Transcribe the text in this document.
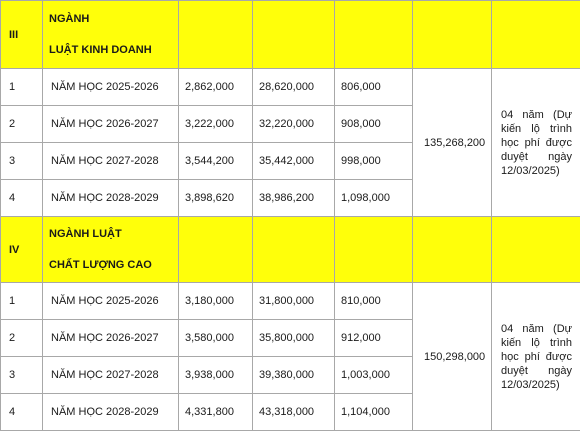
III	NGÀNH
LUẬT KINH DOANH					
1	NĂM HỌC 2025-2026	2,862,000	28,620,000	806,000	135,268,200	04 năm (Dự kiến lộ trình học phí được duyệt ngày 12/03/2025)
2	NĂM HỌC 2026-2027	3,222,000	32,220,000	908,000		
3	NĂM HỌC 2027-2028	3,544,200	35,442,000	998,000		
4	NĂM HỌC 2028-2029	3,898,620	38,986,200	1,098,000		
IV	NGÀNH LUẬT
CHẤT LƯỢNG CAO					
1	NĂM HỌC 2025-2026	3,180,000	31,800,000	810,000	150,298,000	04 năm (Dự kiến lộ trình học phí được duyệt ngày 12/03/2025)
2	NĂM HỌC 2026-2027	3,580,000	35,800,000	912,000		
3	NĂM HỌC 2027-2028	3,938,000	39,380,000	1,003,000		
4	NĂM HỌC 2028-2029	4,331,800	43,318,000	1,104,000		
